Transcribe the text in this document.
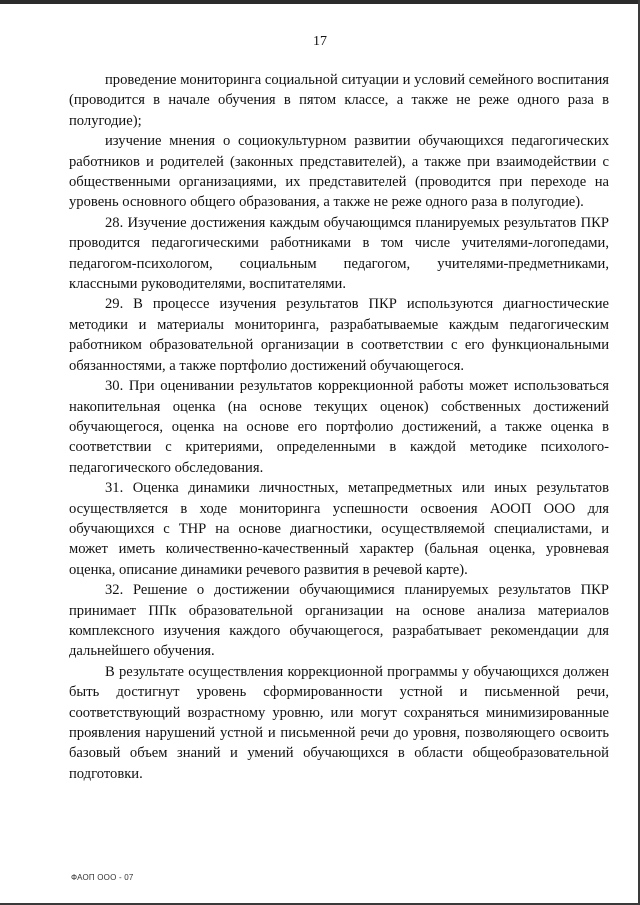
17

проведение мониторинга социальной ситуации и условий семейного воспитания (проводится в начале обучения в пятом классе, а также не реже одного раза в полугодие);

изучение мнения о социокультурном развитии обучающихся педагогических работников и родителей (законных представителей), а также при взаимодействии с общественными организациями, их представителей (проводится при переходе на уровень основного общего образования, а также не реже одного раза в полугодие).

28. Изучение достижения каждым обучающимся планируемых результатов ПКР проводится педагогическими работниками в том числе учителями-логопедами, педагогом-психологом, социальным педагогом, учителями-предметниками, классными руководителями, воспитателями.

29. В процессе изучения результатов ПКР используются диагностические методики и материалы мониторинга, разрабатываемые каждым педагогическим работником образовательной организации в соответствии с его функциональными обязанностями, а также портфолио достижений обучающегося.

30. При оценивании результатов коррекционной работы может использоваться накопительная оценка (на основе текущих оценок) собственных достижений обучающегося, оценка на основе его портфолио достижений, а также оценка в соответствии с критериями, определенными в каждой методике психолого-педагогического обследования.

31. Оценка динамики личностных, метапредметных или иных результатов осуществляется в ходе мониторинга успешности освоения АООП ООО для обучающихся с ТНР на основе диагностики, осуществляемой специалистами, и может иметь количественно-качественный характер (бальная оценка, уровневая оценка, описание динамики речевого развития в речевой карте).

32. Решение о достижении обучающимися планируемых результатов ПКР принимает ППк образовательной организации на основе анализа материалов комплексного изучения каждого обучающегося, разрабатывает рекомендации для дальнейшего обучения.

В результате осуществления коррекционной программы у обучающихся должен быть достигнут уровень сформированности устной и письменной речи, соответствующий возрастному уровню, или могут сохраняться минимизированные проявления нарушений устной и письменной речи до уровня, позволяющего освоить базовый объем знаний и умений обучающихся в области общеобразовательной подготовки.

ФАОП ООО - 07
